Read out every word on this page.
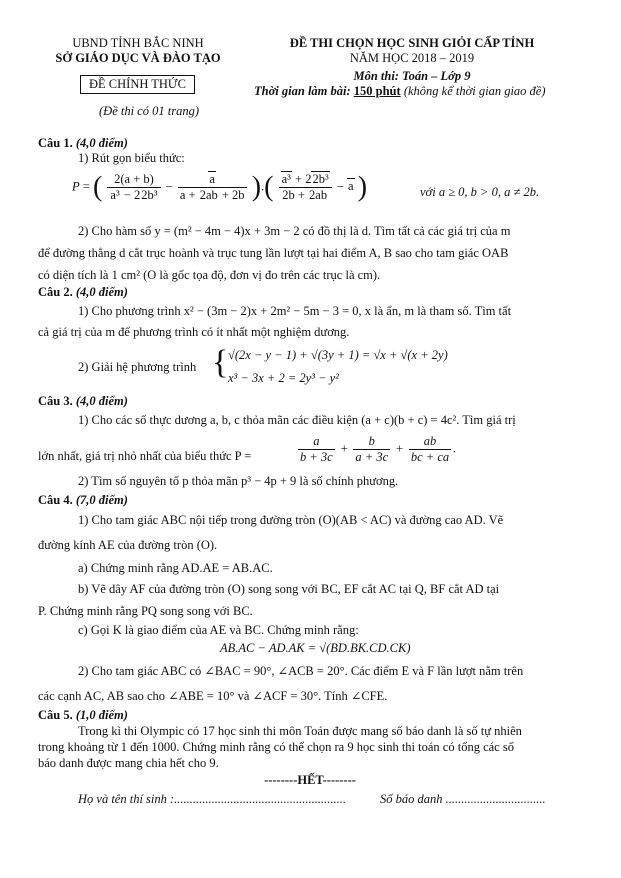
UBND TỈNH BẮC NINH
SỞ GIÁO DỤC VÀ ĐÀO TẠO
ĐỀ CHÍNH THỨC
(Đề thi có 01 trang)
ĐỀ THI CHỌN HỌC SINH GIỎI CẤP TỈNH
NĂM HỌC 2018 – 2019
Môn thi: Toán – Lớp 9
Thời gian làm bài: 150 phút (không kể thời gian giao đề)
Câu 1. (4,0 điểm)
1) Rút gọn biểu thức:
P = ( $\frac{2(a + b)}{\text{a³ − 22b³}} - \frac{a}{a + 2ab + 2b}$ ).( $\frac{\text{a³ + 22b³}}{2b + 2ab} - a$ )	với a ≥ 0, b > 0, a ≠ 2b.
2) Cho hàm số y = (m² − 4m − 4)x + 3m − 2 có đồ thị là d. Tìm tất cả các giá trị của m
để đường thẳng d cắt trục hoành và trục tung lần lượt tại hai điểm A, B sao cho tam giác OAB
có diện tích là 1 cm² (O là gốc tọa độ, đơn vị đo trên các trục là cm).
Câu 2. (4,0 điểm)
1) Cho phương trình x² − (3m − 2)x + 2m² − 5m − 3 = 0, x là ẩn, m là tham số. Tìm tất
cả giá trị của m để phương trình có ít nhất một nghiệm dương.
2) Giải hệ phương trình { √(2x − y − 1) + √(3y + 1) = √x + √(x + 2y)
x³ − 3x + 2 = 2y³ − y²
Câu 3. (4,0 điểm)
1) Cho các số thực dương a, b, c thỏa mãn các điều kiện (a + c)(b + c) = 4c². Tìm giá trị
lớn nhất, giá trị nhỏ nhất của biểu thức P =	$\frac{a}{b + 3c} + \frac{b}{a + 3c} + \frac{ab}{bc + ca}$ .
2) Tìm số nguyên tố p thỏa mãn p³ − 4p + 9 là số chính phương.
Câu 4. (7,0 điểm)
1) Cho tam giác ABC nội tiếp trong đường tròn (O)(AB < AC) và đường cao AD. Vẽ
đường kính AE của đường tròn (O).
a) Chứng minh rằng AD.AE = AB.AC.
b) Vẽ dây AF của đường tròn (O) song song với BC, EF cắt AC tại Q, BF cắt AD tại
P. Chứng minh rằng PQ song song với BC.
c) Gọi K là giao điểm của AE và BC. Chứng minh rằng:
AB.AC − AD.AK = √(BD.BK.CD.CK)
2) Cho tam giác ABC có ∠BAC = 90°, ∠ACB = 20°. Các điểm E và F lần lượt nằm trên
các cạnh AC, AB sao cho ∠ABE = 10° và ∠ACF = 30°. Tính ∠CFE.
Câu 5. (1,0 điểm)
Trong kì thi Olympic có 17 học sinh thi môn Toán được mang số báo danh là số tự nhiên
trong khoảng từ 1 đến 1000. Chứng minh rằng có thể chọn ra 9 học sinh thi toán có tổng các số
báo danh được mang chia hết cho 9.
--------HẾT--------
Họ và tên thí sinh :.......................................................	Số báo danh ................................
